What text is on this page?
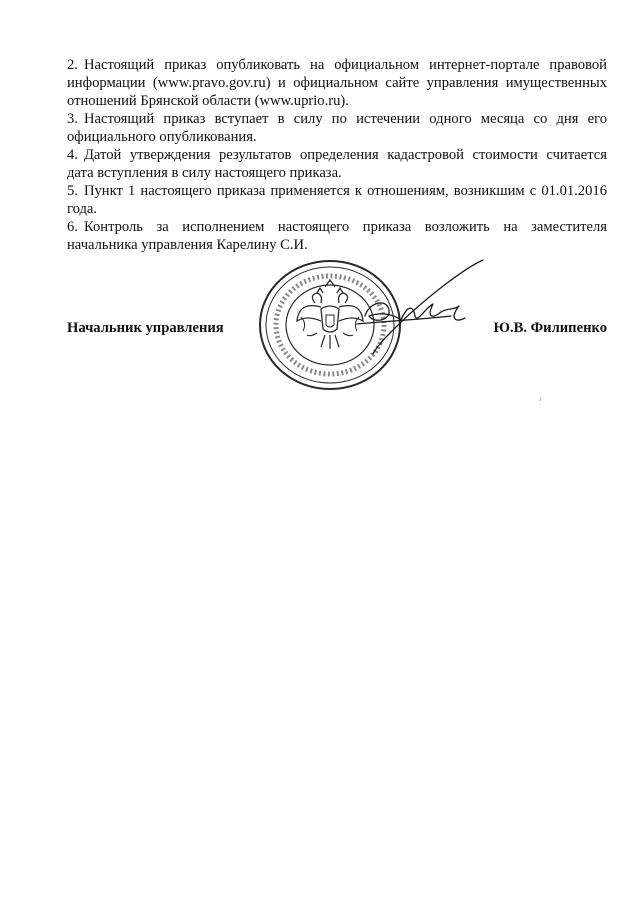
2. Настоящий приказ опубликовать на официальном интернет-портале правовой информации (www.pravo.gov.ru) и официальном сайте управления имущественных отношений Брянской области (www.uprio.ru).

3. Настоящий приказ вступает в силу по истечении одного месяца со дня его официального опубликования.

4. Датой утверждения результатов определения кадастровой стоимости считается дата вступления в силу настоящего приказа.

5. Пункт 1 настоящего приказа применяется к отношениям, возникшим с 01.01.2016 года.

6. Контроль за исполнением настоящего приказа возложить на заместителя начальника управления Карелину С.И.

Начальник управления	Ю.В. Филипенко
